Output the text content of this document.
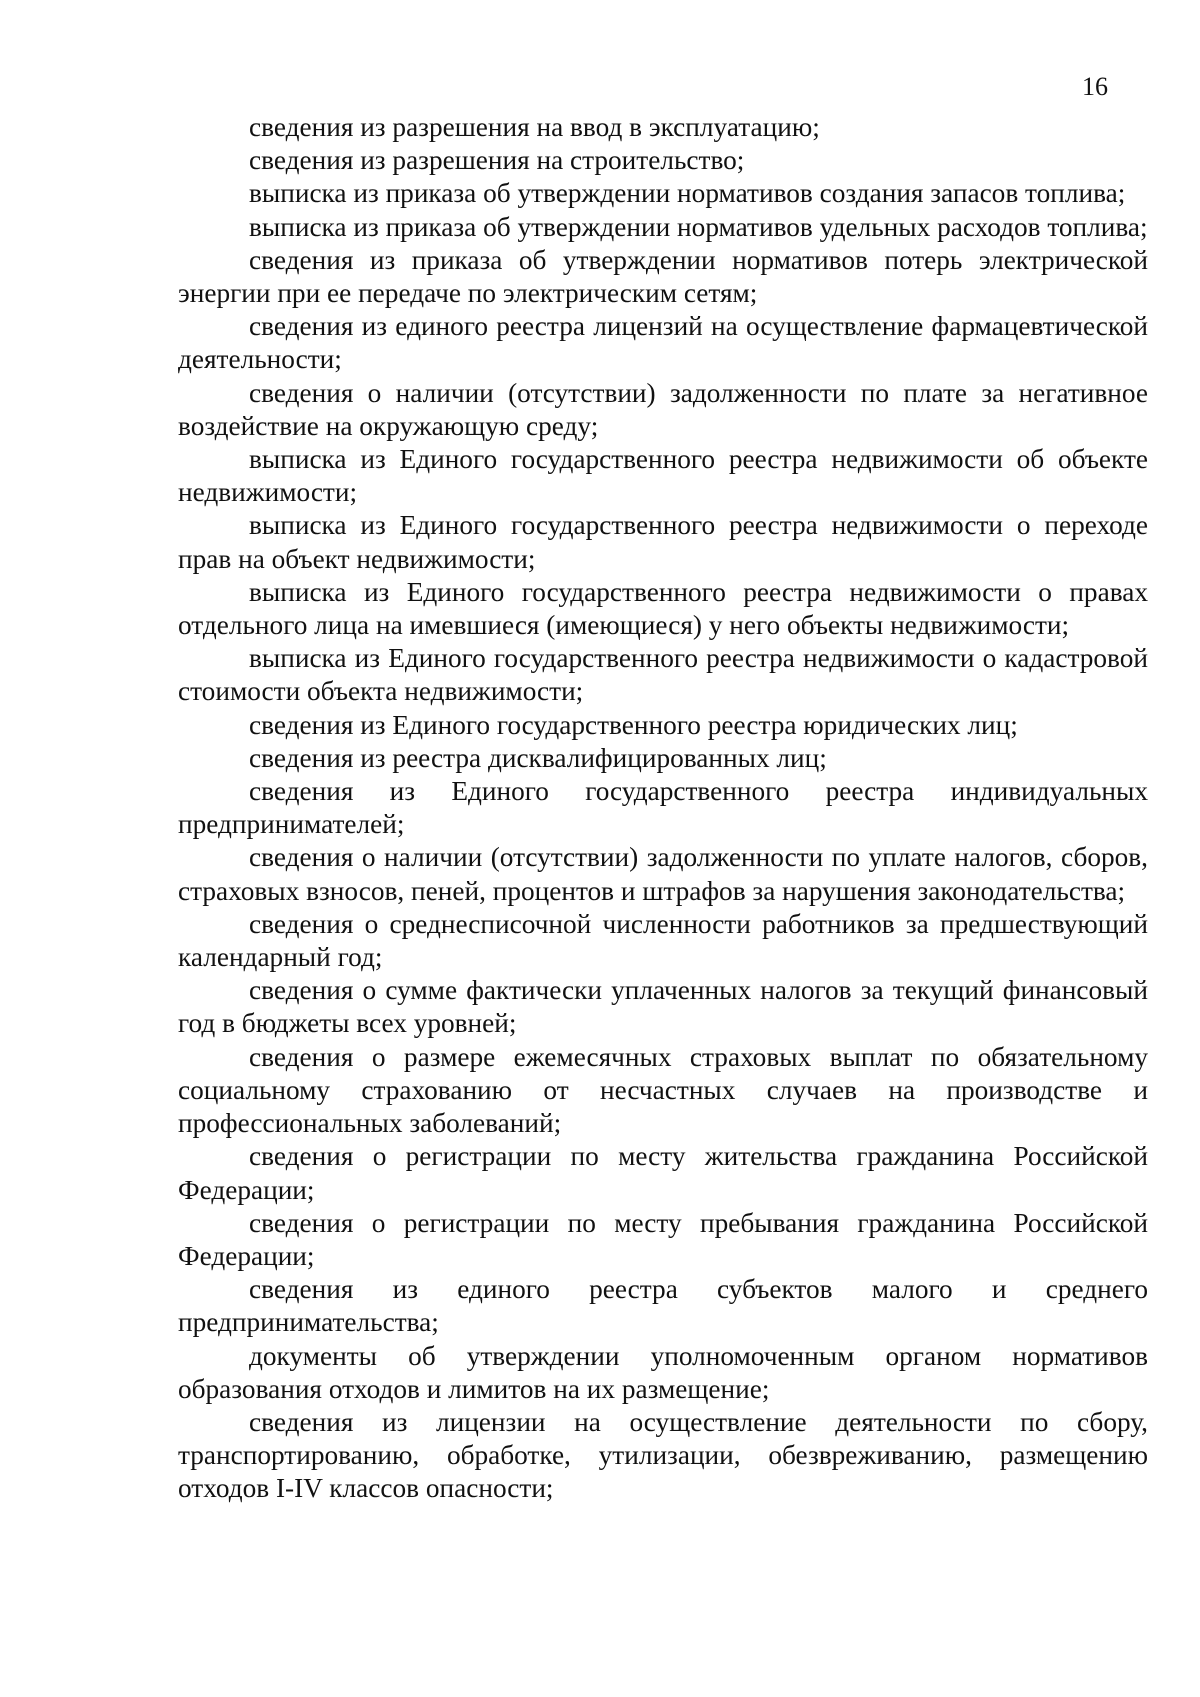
16

сведения из разрешения на ввод в эксплуатацию;

сведения из разрешения на строительство;

выписка из приказа об утверждении нормативов создания запасов топлива;

выписка из приказа об утверждении нормативов удельных расходов топлива;

сведения из приказа об утверждении нормативов потерь электрической энергии при ее передаче по электрическим сетям;

сведения из единого реестра лицензий на осуществление фармацевтической деятельности;

сведения о наличии (отсутствии) задолженности по плате за негативное воздействие на окружающую среду;

выписка из Единого государственного реестра недвижимости об объекте недвижимости;

выписка из Единого государственного реестра недвижимости о переходе прав на объект недвижимости;

выписка из Единого государственного реестра недвижимости о правах отдельного лица на имевшиеся (имеющиеся) у него объекты недвижимости;

выписка из Единого государственного реестра недвижимости о кадастровой стоимости объекта недвижимости;

сведения из Единого государственного реестра юридических лиц;

сведения из реестра дисквалифицированных лиц;

сведения из Единого государственного реестра индивидуальных предпринимателей;

сведения о наличии (отсутствии) задолженности по уплате налогов, сборов, страховых взносов, пеней, процентов и штрафов за нарушения законодательства;

сведения о среднесписочной численности работников за предшествующий календарный год;

сведения о сумме фактически уплаченных налогов за текущий финансовый год в бюджеты всех уровней;

сведения о размере ежемесячных страховых выплат по обязательному социальному страхованию от несчастных случаев на производстве и профессиональных заболеваний;

сведения о регистрации по месту жительства гражданина Российской Федерации;

сведения о регистрации по месту пребывания гражданина Российской Федерации;

сведения из единого реестра субъектов малого и среднего предпринимательства;

документы об утверждении уполномоченным органом нормативов образования отходов и лимитов на их размещение;

сведения из лицензии на осуществление деятельности по сбору, транспортированию, обработке, утилизации, обезвреживанию, размещению отходов I-IV классов опасности;
